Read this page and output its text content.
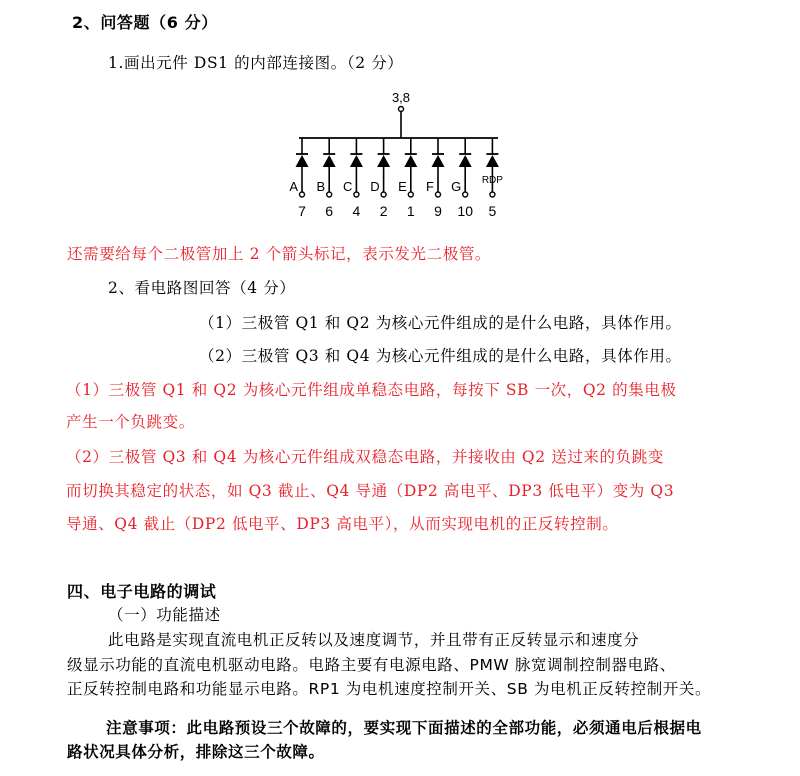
2、问答题（6 分）
1.画出元件 DS1 的内部连接图。（2 分）
3,8
A
7
B
6
C
4
D
2
E
1
F
9
G
10
RDP
5
还需要给每个二极管加上 2 个箭头标记，表示发光二极管。
2、看电路图回答（4 分）
（1）三极管 Q1 和 Q2 为核心元件组成的是什么电路，具体作用。
（2）三极管 Q3 和 Q4 为核心元件组成的是什么电路，具体作用。
（1）三极管 Q1 和 Q2 为核心元件组成单稳态电路，每按下 SB 一次，Q2 的集电极
产生一个负跳变。
（2）三极管 Q3 和 Q4 为核心元件组成双稳态电路，并接收由 Q2 送过来的负跳变
而切换其稳定的状态，如 Q3 截止、Q4 导通（DP2 高电平、DP3 低电平）变为 Q3
导通、Q4 截止（DP2 低电平、DP3 高电平），从而实现电机的正反转控制。
四、电子电路的调试
（一）功能描述
此电路是实现直流电机正反转以及速度调节，并且带有正反转显示和速度分
级显示功能的直流电机驱动电路。电路主要有电源电路、PMW 脉宽调制控制器电路、
正反转控制电路和功能显示电路。RP1 为电机速度控制开关、SB 为电机正反转控制开关。
注意事项：此电路预设三个故障的，要实现下面描述的全部功能，必须通电后根据电
路状况具体分析，排除这三个故障。
